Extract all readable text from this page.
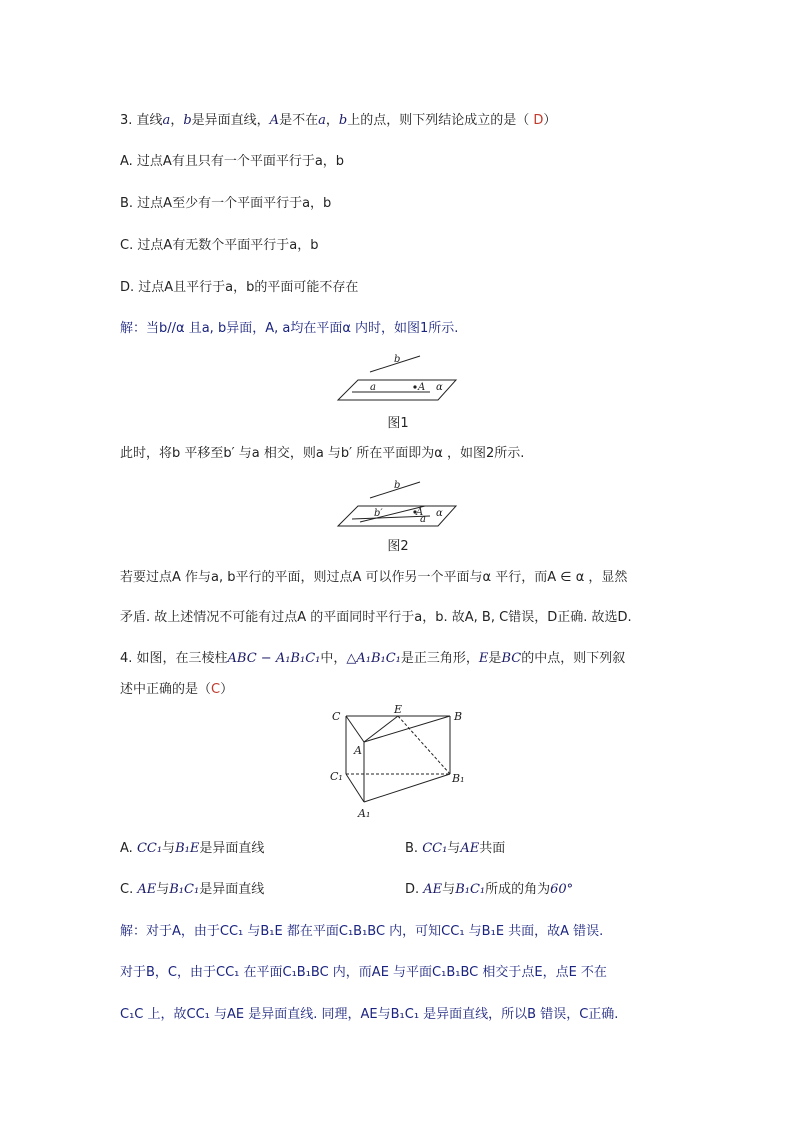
3. 直线a，b是异面直线，A是不在a，b上的点，则下列结论成立的是（ D）
A. 过点A有且只有一个平面平行于a，b
B. 过点A至少有一个平面平行于a，b
C. 过点A有无数个平面平行于a，b
D. 过点A且平行于a，b的平面可能不存在
解：当b//α 且a, b异面，A, a均在平面α 内时，如图1所示.
b
a	A α
图1
此时，将b 平移至b′ 与a 相交，则a 与b′ 所在平面即为α ，如图2所示.
b
b′	A
a
α
图2
若要过点A 作与a, b平行的平面，则过点A 可以作另一个平面与α 平行，而A ∈ α ，显然
矛盾. 故上述情况不可能有过点A 的平面同时平行于a，b. 故A, B, C错误，D正确. 故选D.
4. 如图，在三棱柱ABC − A₁B₁C₁中，△A₁B₁C₁是正三角形，E是BC的中点，则下列叙
述中正确的是（C）
C
E
B
A
C₁	B₁
A₁
A. CC₁与B₁E是异面直线	B. CC₁与AE共面
C. AE与B₁C₁是异面直线	D. AE与B₁C₁所成的角为60°
解：对于A，由于CC₁ 与B₁E 都在平面C₁B₁BC 内，可知CC₁ 与B₁E 共面，故A 错误.
对于B，C，由于CC₁ 在平面C₁B₁BC 内，而AE 与平面C₁B₁BC 相交于点E，点E 不在
C₁C 上，故CC₁ 与AE 是异面直线. 同理，AE与B₁C₁ 是异面直线，所以B 错误，C正确.
